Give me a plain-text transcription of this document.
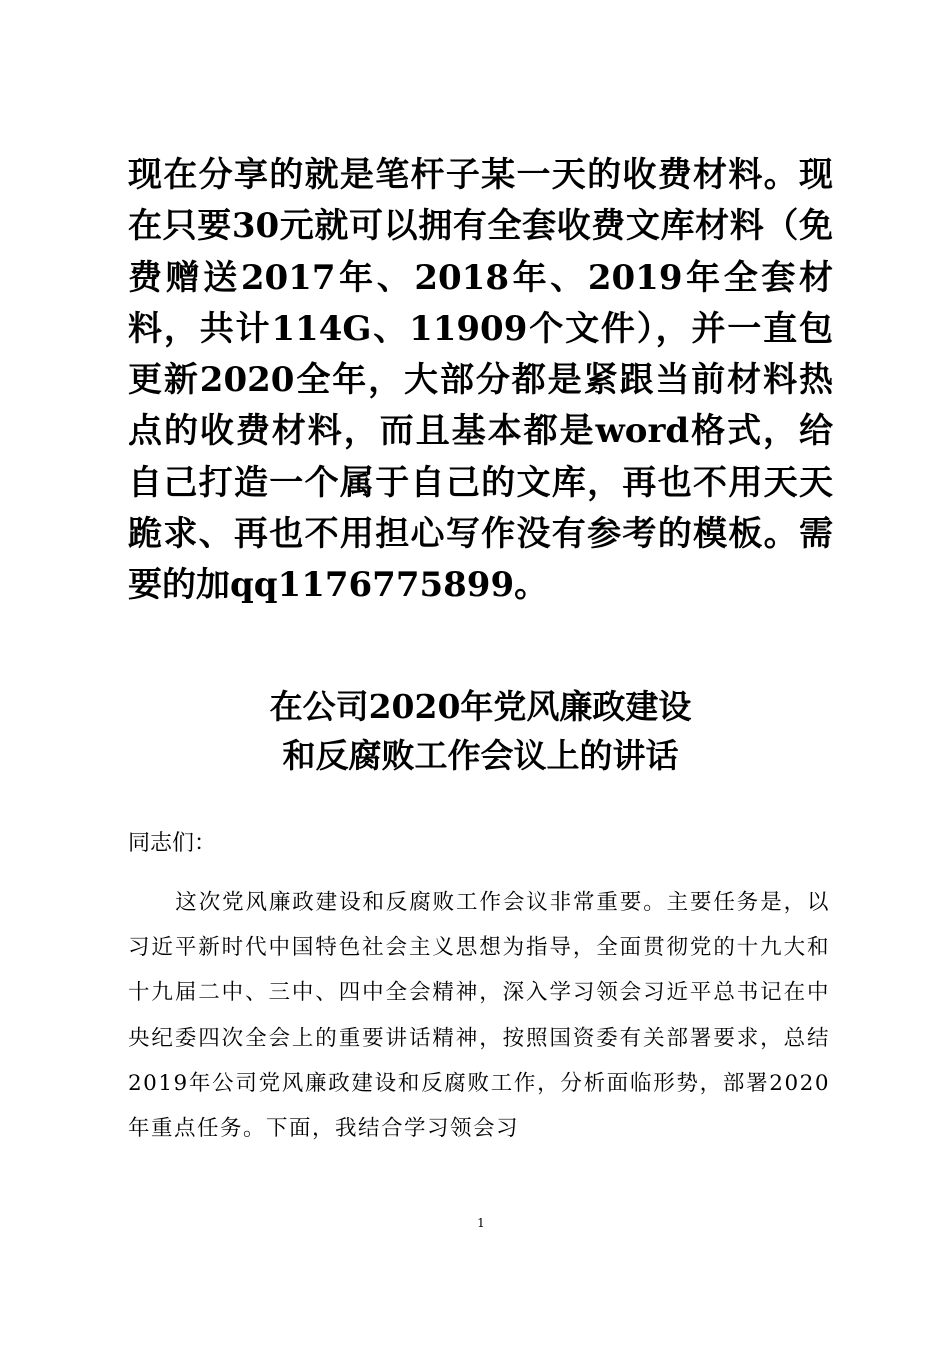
现在分享的就是笔杆子某一天的收费材料。现在只要30元就可以拥有全套收费文库材料（免费赠送2017年、2018年、2019年全套材料，共计114G、11909个文件），并一直包更新2020全年，大部分都是紧跟当前材料热点的收费材料，而且基本都是word格式，给自己打造一个属于自己的文库，再也不用天天跪求、再也不用担心写作没有参考的模板。需要的加qq1176775899。

在公司2020年党风廉政建设
和反腐败工作会议上的讲话

同志们：

这次党风廉政建设和反腐败工作会议非常重要。主要任务是，以习近平新时代中国特色社会主义思想为指导，全面贯彻党的十九大和十九届二中、三中、四中全会精神，深入学习领会习近平总书记在中央纪委四次全会上的重要讲话精神，按照国资委有关部署要求，总结2019年公司党风廉政建设和反腐败工作，分析面临形势，部署2020年重点任务。下面，我结合学习领会习

1
